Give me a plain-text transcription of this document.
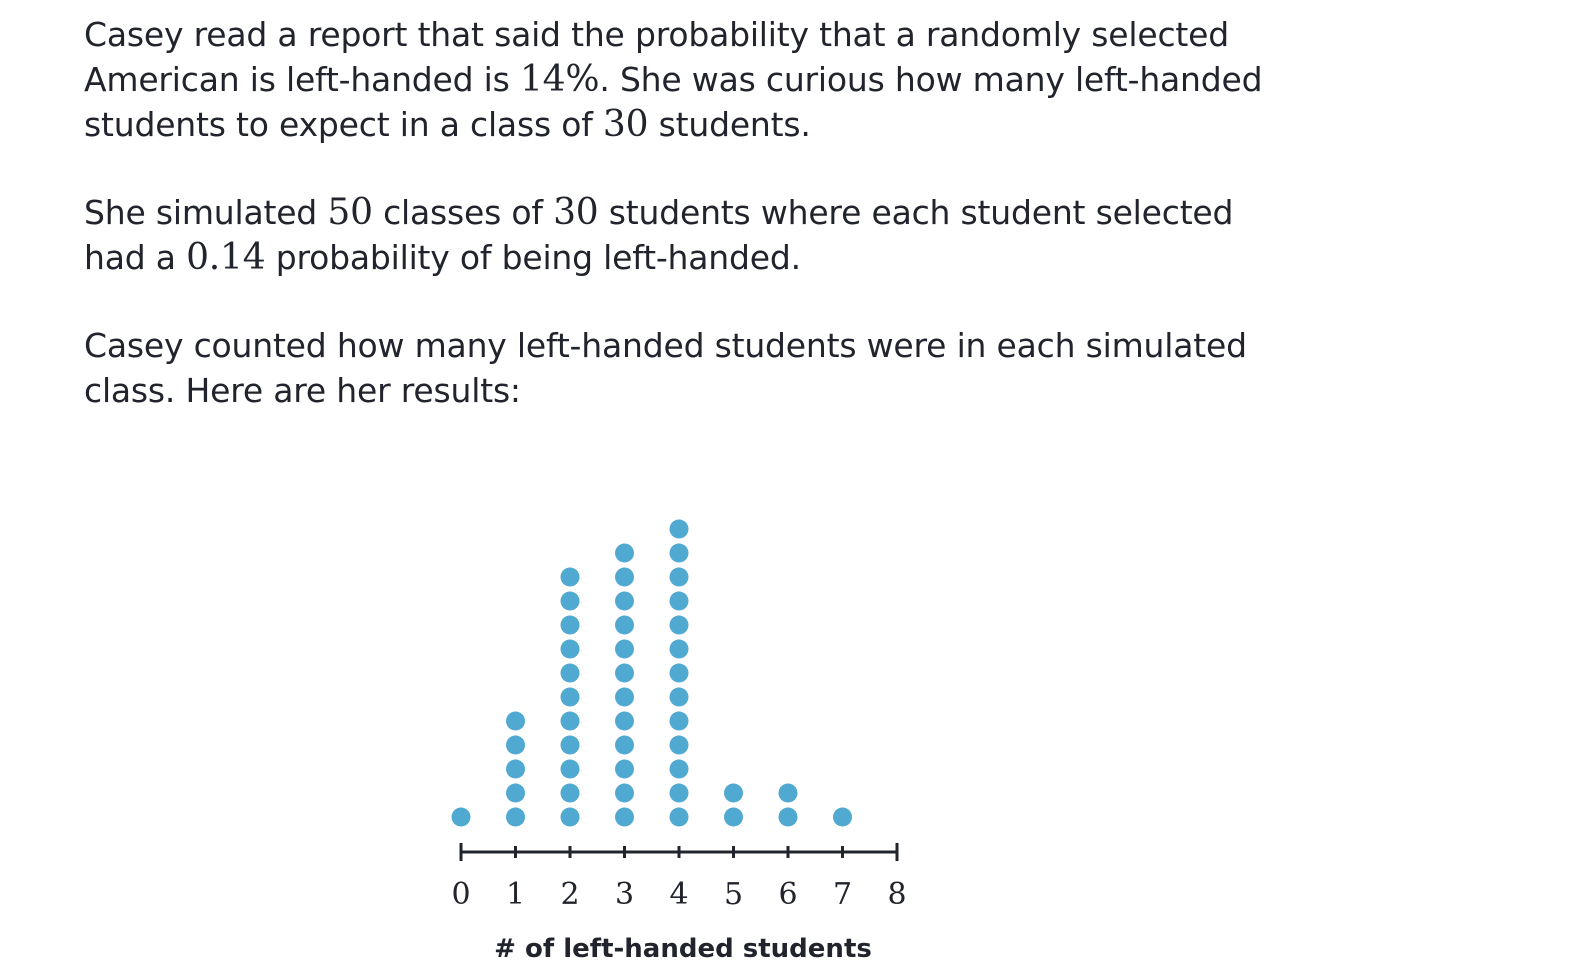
Casey read a report that said the probability that a randomly selected American is left-handed is 14%. She was curious how many left-handed students to expect in a class of 30 students.

She simulated 50 classes of 30 students where each student selected had a 0.14 probability of being left-handed.

Casey counted how many left-handed students were in each simulated class. Here are her results:

0 1 2 3 4 5 6 7 8
# of left-handed students
